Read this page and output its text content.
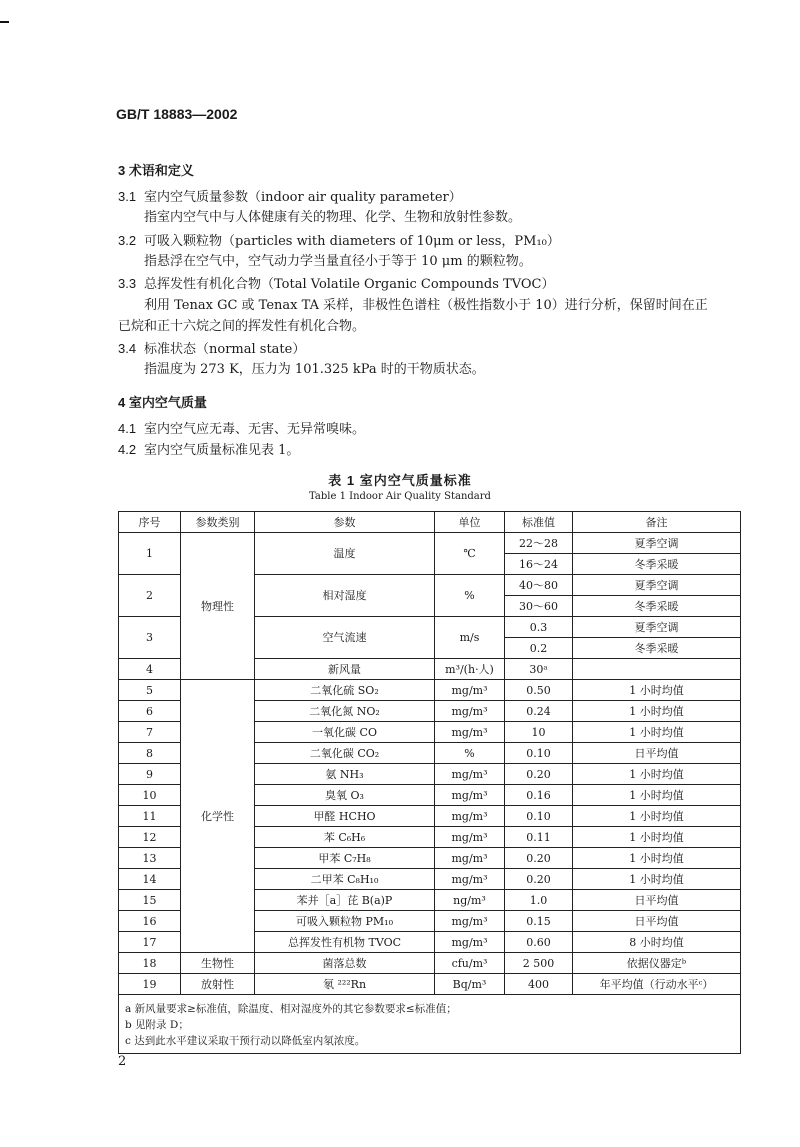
GB/T 18883—2002
3 术语和定义
3.1 室内空气质量参数（indoor air quality parameter）
指室内空气中与人体健康有关的物理、化学、生物和放射性参数。
3.2 可吸入颗粒物（particles with diameters of 10μm or less，PM₁₀）
指悬浮在空气中，空气动力学当量直径小于等于 10 μm 的颗粒物。
3.3 总挥发性有机化合物（Total Volatile Organic Compounds TVOC）
利用 Tenax GC 或 Tenax TA 采样，非极性色谱柱（极性指数小于 10）进行分析，保留时间在正
已烷和正十六烷之间的挥发性有机化合物。
3.4 标准状态（normal state）
指温度为 273 K，压力为 101.325 kPa 时的干物质状态。
4 室内空气质量
4.1 室内空气应无毒、无害、无异常嗅味。
4.2 室内空气质量标准见表 1。
表 1 室内空气质量标准
Table 1 Indoor Air Quality Standard
序号	参数类别	参数	单位	标准值	备注
1	物理性	温度	℃	22～28	夏季空调
				16～24	冬季采暖
2		相对湿度	%	40～80	夏季空调
				30～60	冬季采暖
3		空气流速	m/s	0.3	夏季空调
				0.2	冬季采暖
4		新风量	m³/(h·人)	30ᵃ	
5	化学性	二氧化硫 SO₂	mg/m³	0.50	1 小时均值
6		二氧化氮 NO₂	mg/m³	0.24	1 小时均值
7		一氧化碳 CO	mg/m³	10	1 小时均值
8		二氧化碳 CO₂	%	0.10	日平均值
9		氨 NH₃	mg/m³	0.20	1 小时均值
10		臭氧 O₃	mg/m³	0.16	1 小时均值
11		甲醛 HCHO	mg/m³	0.10	1 小时均值
12		苯 C₆H₆	mg/m³	0.11	1 小时均值
13		甲苯 C₇H₈	mg/m³	0.20	1 小时均值
14		二甲苯 C₈H₁₀	mg/m³	0.20	1 小时均值
15		苯并［a］芘 B(a)P	ng/m³	1.0	日平均值
16		可吸入颗粒物 PM₁₀	mg/m³	0.15	日平均值
17		总挥发性有机物 TVOC	mg/m³	0.60	8 小时均值
18	生物性	菌落总数	cfu/m³	2 500	依据仪器定ᵇ
19	放射性	氡 ²²²Rn	Bq/m³	400	年平均值（行动水平ᶜ）

a 新风量要求≥标准值，除温度、相对湿度外的其它参数要求≤标准值；
b 见附录 D；
c 达到此水平建议采取干预行动以降低室内氡浓度。					
2
